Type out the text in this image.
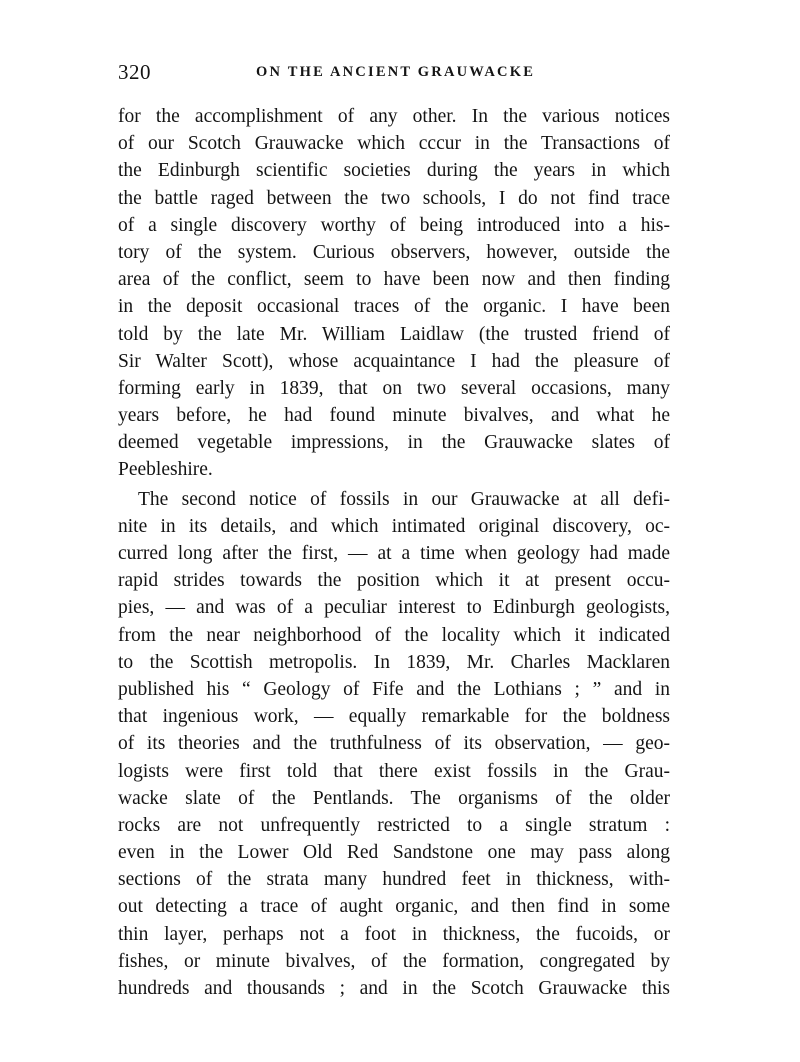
320	ON THE ANCIENT GRAUWACKE
for the accomplishment of any other. In the various notices
of our Scotch Grauwacke which cccur in the Transactions of
the Edinburgh scientific societies during the years in which
the battle raged between the two schools, I do not find trace
of a single discovery worthy of being introduced into a his-
tory of the system. Curious observers, however, outside the
area of the conflict, seem to have been now and then finding
in the deposit occasional traces of the organic. I have been
told by the late Mr. William Laidlaw (the trusted friend of
Sir Walter Scott), whose acquaintance I had the pleasure of
forming early in 1839, that on two several occasions, many
years before, he had found minute bivalves, and what he
deemed vegetable impressions, in the Grauwacke slates of
Peebleshire.
The second notice of fossils in our Grauwacke at all defi-
nite in its details, and which intimated original discovery, oc-
curred long after the first, — at a time when geology had made
rapid strides towards the position which it at present occu-
pies, — and was of a peculiar interest to Edinburgh geologists,
from the near neighborhood of the locality which it indicated
to the Scottish metropolis. In 1839, Mr. Charles Macklaren
published his “ Geology of Fife and the Lothians ; ” and in
that ingenious work, — equally remarkable for the boldness
of its theories and the truthfulness of its observation, — geo-
logists were first told that there exist fossils in the Grau-
wacke slate of the Pentlands. The organisms of the older
rocks are not unfrequently restricted to a single stratum :
even in the Lower Old Red Sandstone one may pass along
sections of the strata many hundred feet in thickness, with-
out detecting a trace of aught organic, and then find in some
thin layer, perhaps not a foot in thickness, the fucoids, or
fishes, or minute bivalves, of the formation, congregated by
hundreds and thousands ; and in the Scotch Grauwacke this
